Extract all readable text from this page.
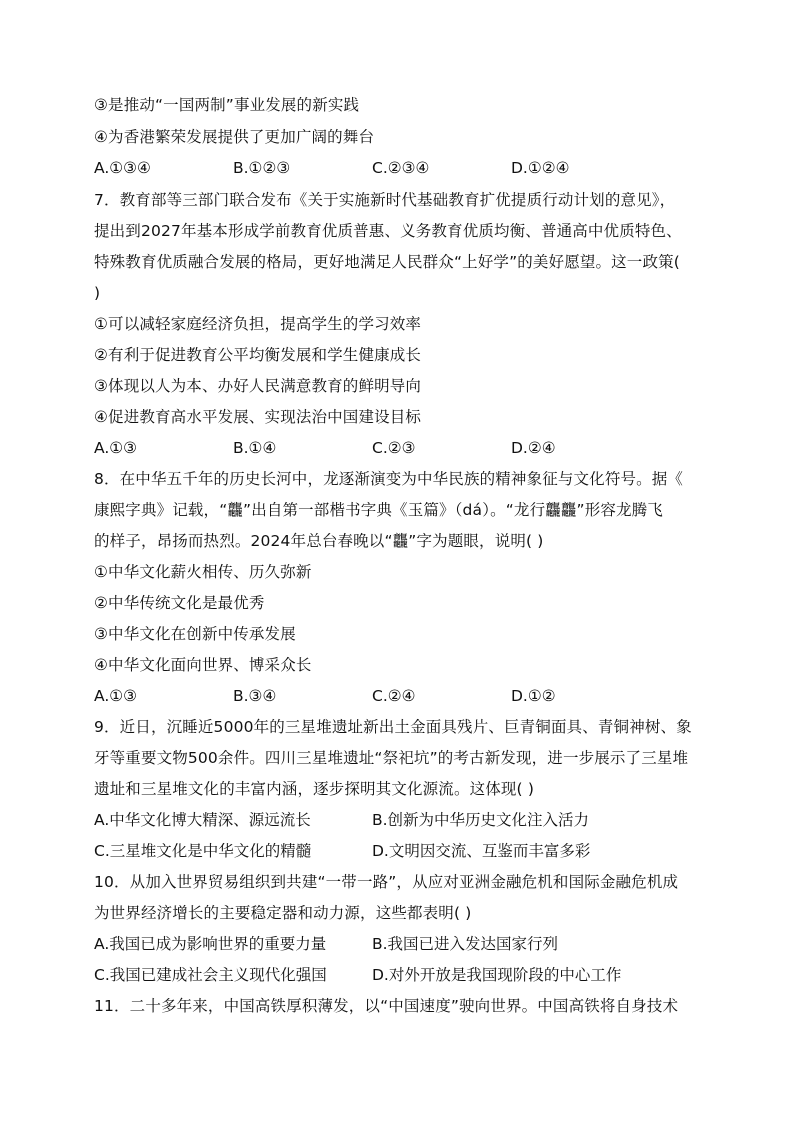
③是推动“一国两制”事业发展的新实践
④为香港繁荣发展提供了更加广阔的舞台
A.①③④	B.①②③	C.②③④	D.①②④
7．教育部等三部门联合发布《关于实施新时代基础教育扩优提质行动计划的意见》，
提出到2027年基本形成学前教育优质普惠、义务教育优质均衡、普通高中优质特色、
特殊教育优质融合发展的格局，更好地满足人民群众“上好学”的美好愿望。这一政策(
)
①可以减轻家庭经济负担，提高学生的学习效率
②有利于促进教育公平均衡发展和学生健康成长
③体现以人为本、办好人民满意教育的鲜明导向
④促进教育高水平发展、实现法治中国建设目标
A.①③	B.①④	C.②③	D.②④
8．在中华五千年的历史长河中，龙逐渐演变为中华民族的精神象征与文化符号。据《
康熙字典》记载，“龘”出自第一部楷书字典《玉篇》（dá）。“龙行龘龘”形容龙腾飞
的样子，昂扬而热烈。2024年总台春晚以“龘”字为题眼，说明( )
①中华文化薪火相传、历久弥新
②中华传统文化是最优秀
③中华文化在创新中传承发展
④中华文化面向世界、博采众长
A.①③	B.③④	C.②④	D.①②
9．近日，沉睡近5000年的三星堆遗址新出土金面具残片、巨青铜面具、青铜神树、象
牙等重要文物500余件。四川三星堆遗址“祭祀坑”的考古新发现，进一步展示了三星堆
遗址和三星堆文化的丰富内涵，逐步探明其文化源流。这体现( )
A.中华文化博大精深、源远流长	B.创新为中华历史文化注入活力
C.三星堆文化是中华文化的精髓	D.文明因交流、互鉴而丰富多彩
10．从加入世界贸易组织到共建“一带一路”，从应对亚洲金融危机和国际金融危机成
为世界经济增长的主要稳定器和动力源，这些都表明( )
A.我国已成为影响世界的重要力量	B.我国已进入发达国家行列
C.我国已建成社会主义现代化强国	D.对外开放是我国现阶段的中心工作
11．二十多年来，中国高铁厚积薄发，以“中国速度”驶向世界。中国高铁将自身技术
